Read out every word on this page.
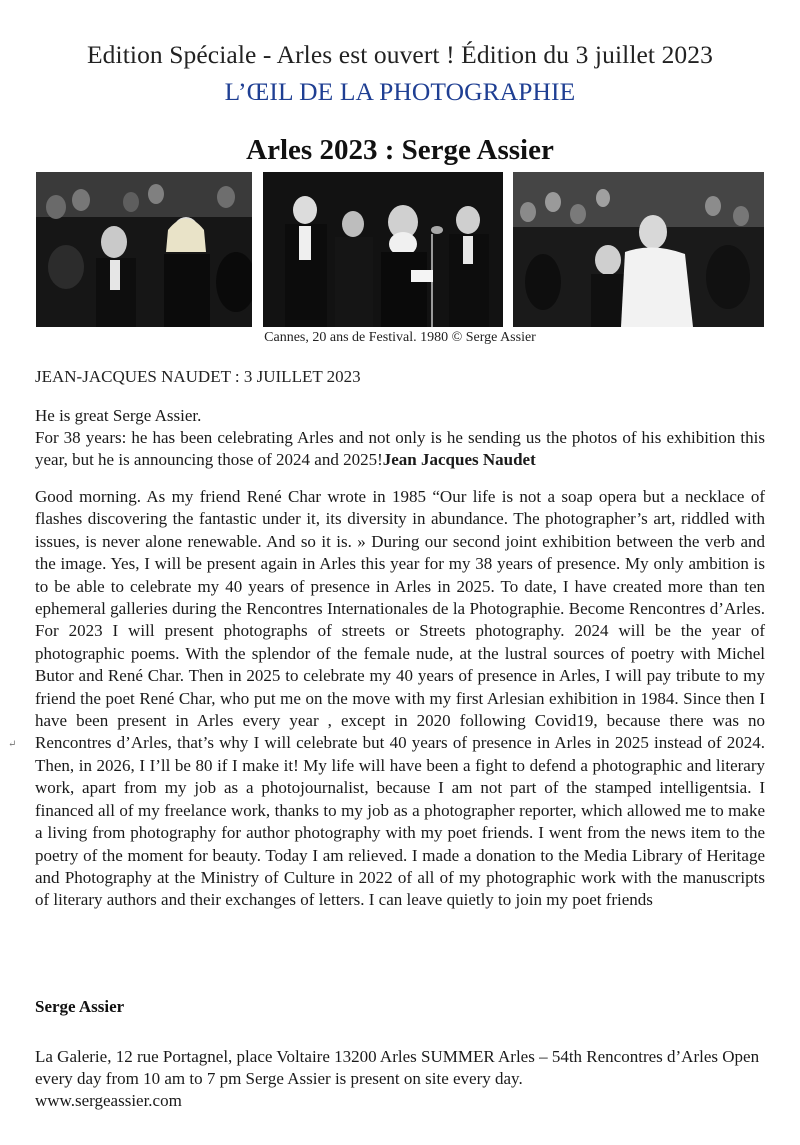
Edition Spéciale - Arles est ouvert ! Édition du 3 juillet 2023
L’ŒIL DE LA PHOTOGRAPHIE
Arles 2023 : Serge Assier
Cannes, 20 ans de Festival. 1980 © Serge Assier
JEAN-JACQUES NAUDET : 3 JUILLET 2023

He is great Serge Assier.

For 38 years: he has been celebrating Arles and not only is he sending us the photos of his exhibition this year, but he is announcing those of 2024 and 2025!Jean Jacques Naudet

Good morning. As my friend René Char wrote in 1985 “Our life is not a soap opera but a necklace of flashes discovering the fantastic under it, its diversity in abundance. The photographer’s art, riddled with issues, is never alone renewable. And so it is. » During our second joint exhibition between the verb and the image. Yes, I will be present again in Arles this year for my 38 years of presence. My only ambition is to be able to celebrate my 40 years of presence in Arles in 2025. To date, I have created more than ten ephemeral galleries during the Rencontres Internationales de la Photographie. Become Rencontres d’Arles. For 2023 I will present photographs of streets or Streets photography. 2024 will be the year of photographic poems. With the splendor of the female nude, at the lustral sources of poetry with Michel Butor and René Char. Then in 2025 to celebrate my 40 years of presence in Arles, I will pay tribute to my friend the poet René Char, who put me on the move with my first Arlesian exhibition in 1984. Since then I have been present in Arles every year , except in 2020 following Covid19, because there was no Rencontres d’Arles, that’s why I will celebrate but 40 years of presence in Arles in 2025 instead of 2024. Then, in 2026, I I’ll be 80 if I make it! My life will have been a fight to defend a photographic and literary work, apart from my job as a photojournalist, because I am not part of the stamped intelligentsia. I financed all of my freelance work, thanks to my job as a photographer reporter, which allowed me to make a living from photography for author photography with my poet friends. I went from the news item to the poetry of the moment for beauty. Today I am relieved. I made a donation to the Media Library of Heritage and Photography at the Ministry of Culture in 2022 of all of my photographic work with the manuscripts of literary authors and their exchanges of letters. I can leave quietly to join my poet friends
↵
Serge Assier

La Galerie, 12 rue Portagnel, place Voltaire 13200 Arles SUMMER Arles – 54th Rencontres d’Arles Open every day from 10 am to 7 pm Serge Assier is present on site every day.

www.sergeassier.com
